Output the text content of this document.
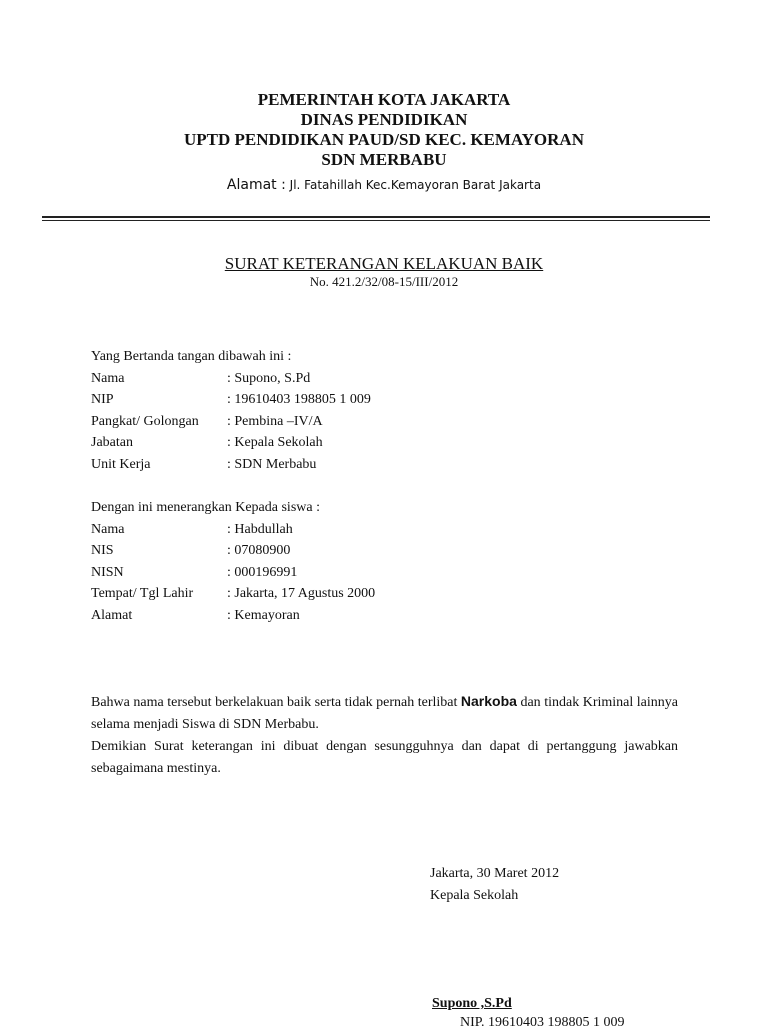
PEMERINTAH KOTA JAKARTA
DINAS PENDIDIKAN
UPTD PENDIDIKAN PAUD/SD KEC. KEMAYORAN
SDN MERBABU
Alamat : Jl. Fatahillah Kec.Kemayoran Barat Jakarta
SURAT KETERANGAN KELAKUAN BAIK
No. 421.2/32/08-15/III/2012
Yang Bertanda tangan dibawah ini :
Nama	: Supono, S.Pd
NIP	: 19610403 198805 1 009
Pangkat/ Golongan	: Pembina –IV/A
Jabatan	: Kepala Sekolah
Unit Kerja	: SDN Merbabu
Dengan ini menerangkan Kepada siswa :
Nama	: Habdullah
NIS	: 07080900
NISN	: 000196991
Tempat/ Tgl Lahir	: Jakarta, 17 Agustus 2000
Alamat	: Kemayoran

Bahwa nama tersebut berkelakuan baik serta tidak pernah terlibat Narkoba dan tindak Kriminal lainnya selama menjadi Siswa di SDN Merbabu.

Demikian Surat keterangan ini dibuat dengan sesungguhnya dan dapat di pertanggung jawabkan sebagaimana mestinya.

Jakarta, 30 Maret 2012
Kepala Sekolah
Supono ,S.Pd
NIP. 19610403 198805 1 009
